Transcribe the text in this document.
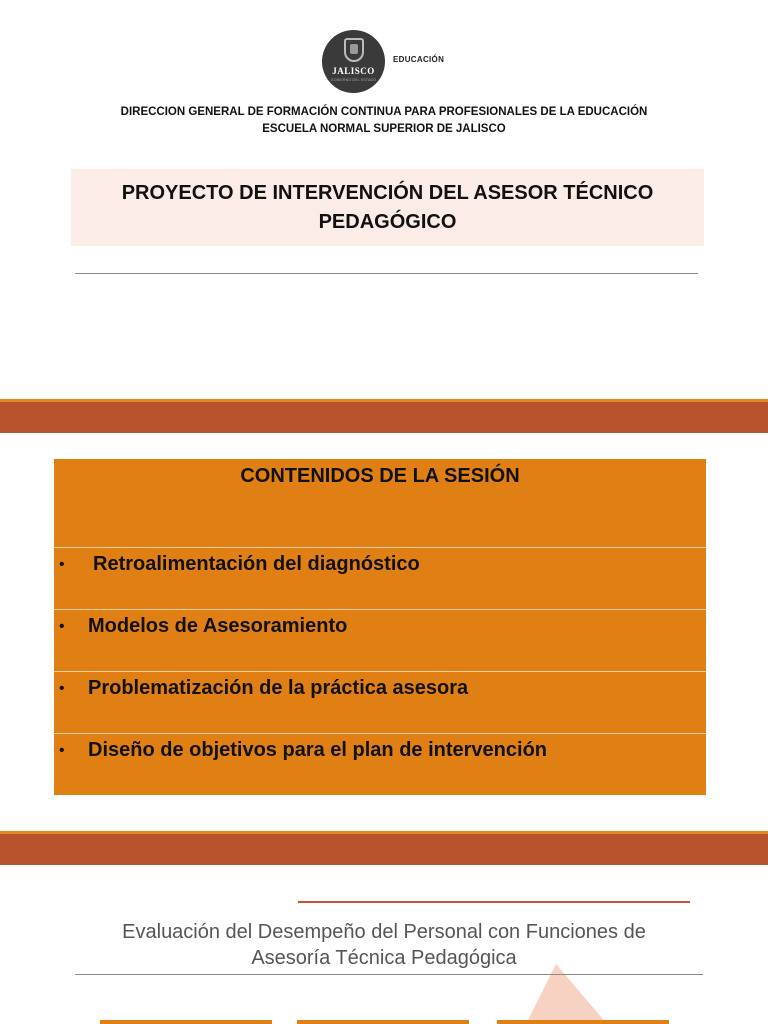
JALISCO
GOBIERNO DEL ESTADO
EDUCACIÓN
DIRECCION GENERAL DE FORMACIÓN CONTINUA PARA PROFESIONALES DE LA EDUCACIÓN
ESCUELA NORMAL SUPERIOR DE JALISCO
PROYECTO DE INTERVENCIÓN DEL ASESOR TÉCNICO PEDAGÓGICO
CONTENIDOS DE LA SESIÓN
• Retroalimentación del diagnóstico
• Modelos de Asesoramiento
• Problematización de la práctica asesora
• Diseño de objetivos para el plan de intervención
Evaluación del Desempeño del Personal con Funciones de
Asesoría Técnica Pedagógica
